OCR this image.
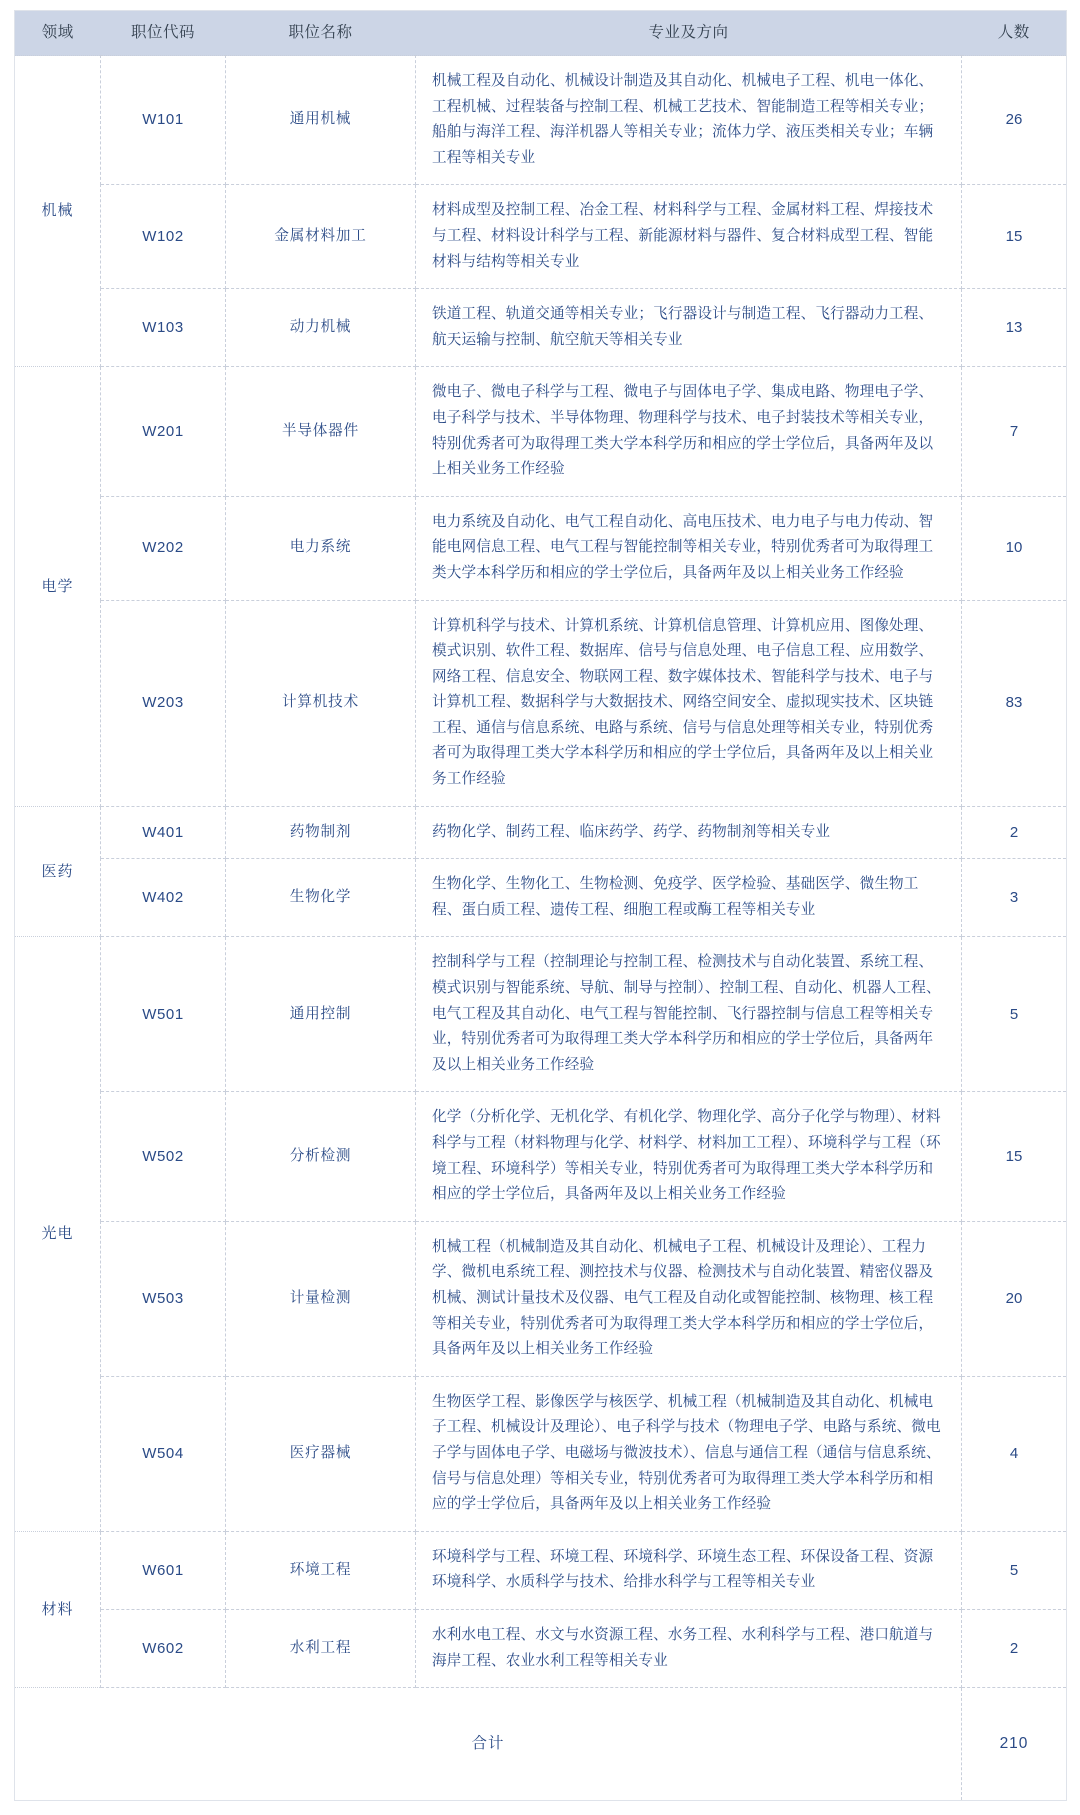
领域	职位代码	职位名称	专业及方向	人数
机械	W101	通用机械	机械工程及自动化、机械设计制造及其自动化、机械电子工程、机电一体化、工程机械、过程装备与控制工程、机械工艺技术、智能制造工程等相关专业；船舶与海洋工程、海洋机器人等相关专业；流体力学、液压类相关专业；车辆工程等相关专业	26
	W102	金属材料加工	材料成型及控制工程、冶金工程、材料科学与工程、金属材料工程、焊接技术与工程、材料设计科学与工程、新能源材料与器件、复合材料成型工程、智能材料与结构等相关专业	15
	W103	动力机械	铁道工程、轨道交通等相关专业；飞行器设计与制造工程、飞行器动力工程、航天运输与控制、航空航天等相关专业	13
电学	W201	半导体器件	微电子、微电子科学与工程、微电子与固体电子学、集成电路、物理电子学、电子科学与技术、半导体物理、物理科学与技术、电子封装技术等相关专业，特别优秀者可为取得理工类大学本科学历和相应的学士学位后，具备两年及以上相关业务工作经验	7
	W202	电力系统	电力系统及自动化、电气工程自动化、高电压技术、电力电子与电力传动、智能电网信息工程、电气工程与智能控制等相关专业，特别优秀者可为取得理工类大学本科学历和相应的学士学位后，具备两年及以上相关业务工作经验	10
	W203	计算机技术	计算机科学与技术、计算机系统、计算机信息管理、计算机应用、图像处理、模式识别、软件工程、数据库、信号与信息处理、电子信息工程、应用数学、网络工程、信息安全、物联网工程、数字媒体技术、智能科学与技术、电子与计算机工程、数据科学与大数据技术、网络空间安全、虚拟现实技术、区块链工程、通信与信息系统、电路与系统、信号与信息处理等相关专业，特别优秀者可为取得理工类大学本科学历和相应的学士学位后，具备两年及以上相关业务工作经验	83
医药	W401	药物制剂	药物化学、制药工程、临床药学、药学、药物制剂等相关专业	2
	W402	生物化学	生物化学、生物化工、生物检测、免疫学、医学检验、基础医学、微生物工程、蛋白质工程、遗传工程、细胞工程或酶工程等相关专业	3
光电	W501	通用控制	控制科学与工程（控制理论与控制工程、检测技术与自动化装置、系统工程、模式识别与智能系统、导航、制导与控制）、控制工程、自动化、机器人工程、电气工程及其自动化、电气工程与智能控制、飞行器控制与信息工程等相关专业，特别优秀者可为取得理工类大学本科学历和相应的学士学位后，具备两年及以上相关业务工作经验	5
	W502	分析检测	化学（分析化学、无机化学、有机化学、物理化学、高分子化学与物理）、材料科学与工程（材料物理与化学、材料学、材料加工工程）、环境科学与工程（环境工程、环境科学）等相关专业，特别优秀者可为取得理工类大学本科学历和相应的学士学位后，具备两年及以上相关业务工作经验	15
	W503	计量检测	机械工程（机械制造及其自动化、机械电子工程、机械设计及理论）、工程力学、微机电系统工程、测控技术与仪器、检测技术与自动化装置、精密仪器及机械、测试计量技术及仪器、电气工程及自动化或智能控制、核物理、核工程等相关专业，特别优秀者可为取得理工类大学本科学历和相应的学士学位后，具备两年及以上相关业务工作经验	20
	W504	医疗器械	生物医学工程、影像医学与核医学、机械工程（机械制造及其自动化、机械电子工程、机械设计及理论）、电子科学与技术（物理电子学、电路与系统、微电子学与固体电子学、电磁场与微波技术）、信息与通信工程（通信与信息系统、信号与信息处理）等相关专业，特别优秀者可为取得理工类大学本科学历和相应的学士学位后，具备两年及以上相关业务工作经验	4
材料	W601	环境工程	环境科学与工程、环境工程、环境科学、环境生态工程、环保设备工程、资源环境科学、水质科学与技术、给排水科学与工程等相关专业	5
	W602	水利工程	水利水电工程、水文与水资源工程、水务工程、水利科学与工程、港口航道与海岸工程、农业水利工程等相关专业	2
合计				210
